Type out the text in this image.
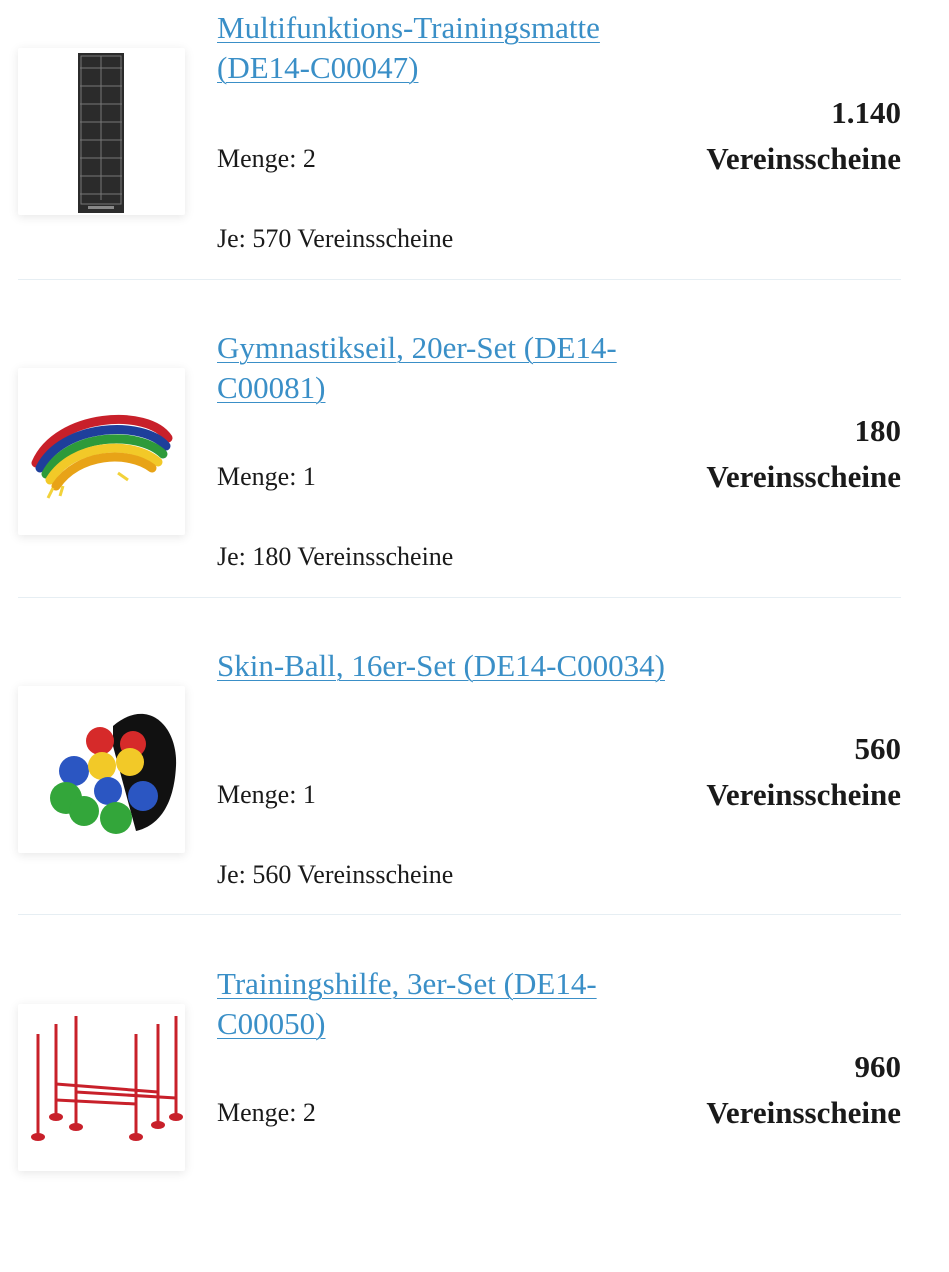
Multifunktions-Trainingsmatte (DE14-C00047)
Menge: 2
Je: 570 Vereinsscheine
1.140
Vereinsscheine
Gymnastikseil, 20er-Set (DE14-C00081)
Menge: 1
Je: 180 Vereinsscheine
180
Vereinsscheine
Skin-Ball, 16er-Set (DE14-C00034)
Menge: 1
Je: 560 Vereinsscheine
560
Vereinsscheine
Trainingshilfe, 3er-Set (DE14-C00050)
Menge: 2
960
Vereinsscheine
